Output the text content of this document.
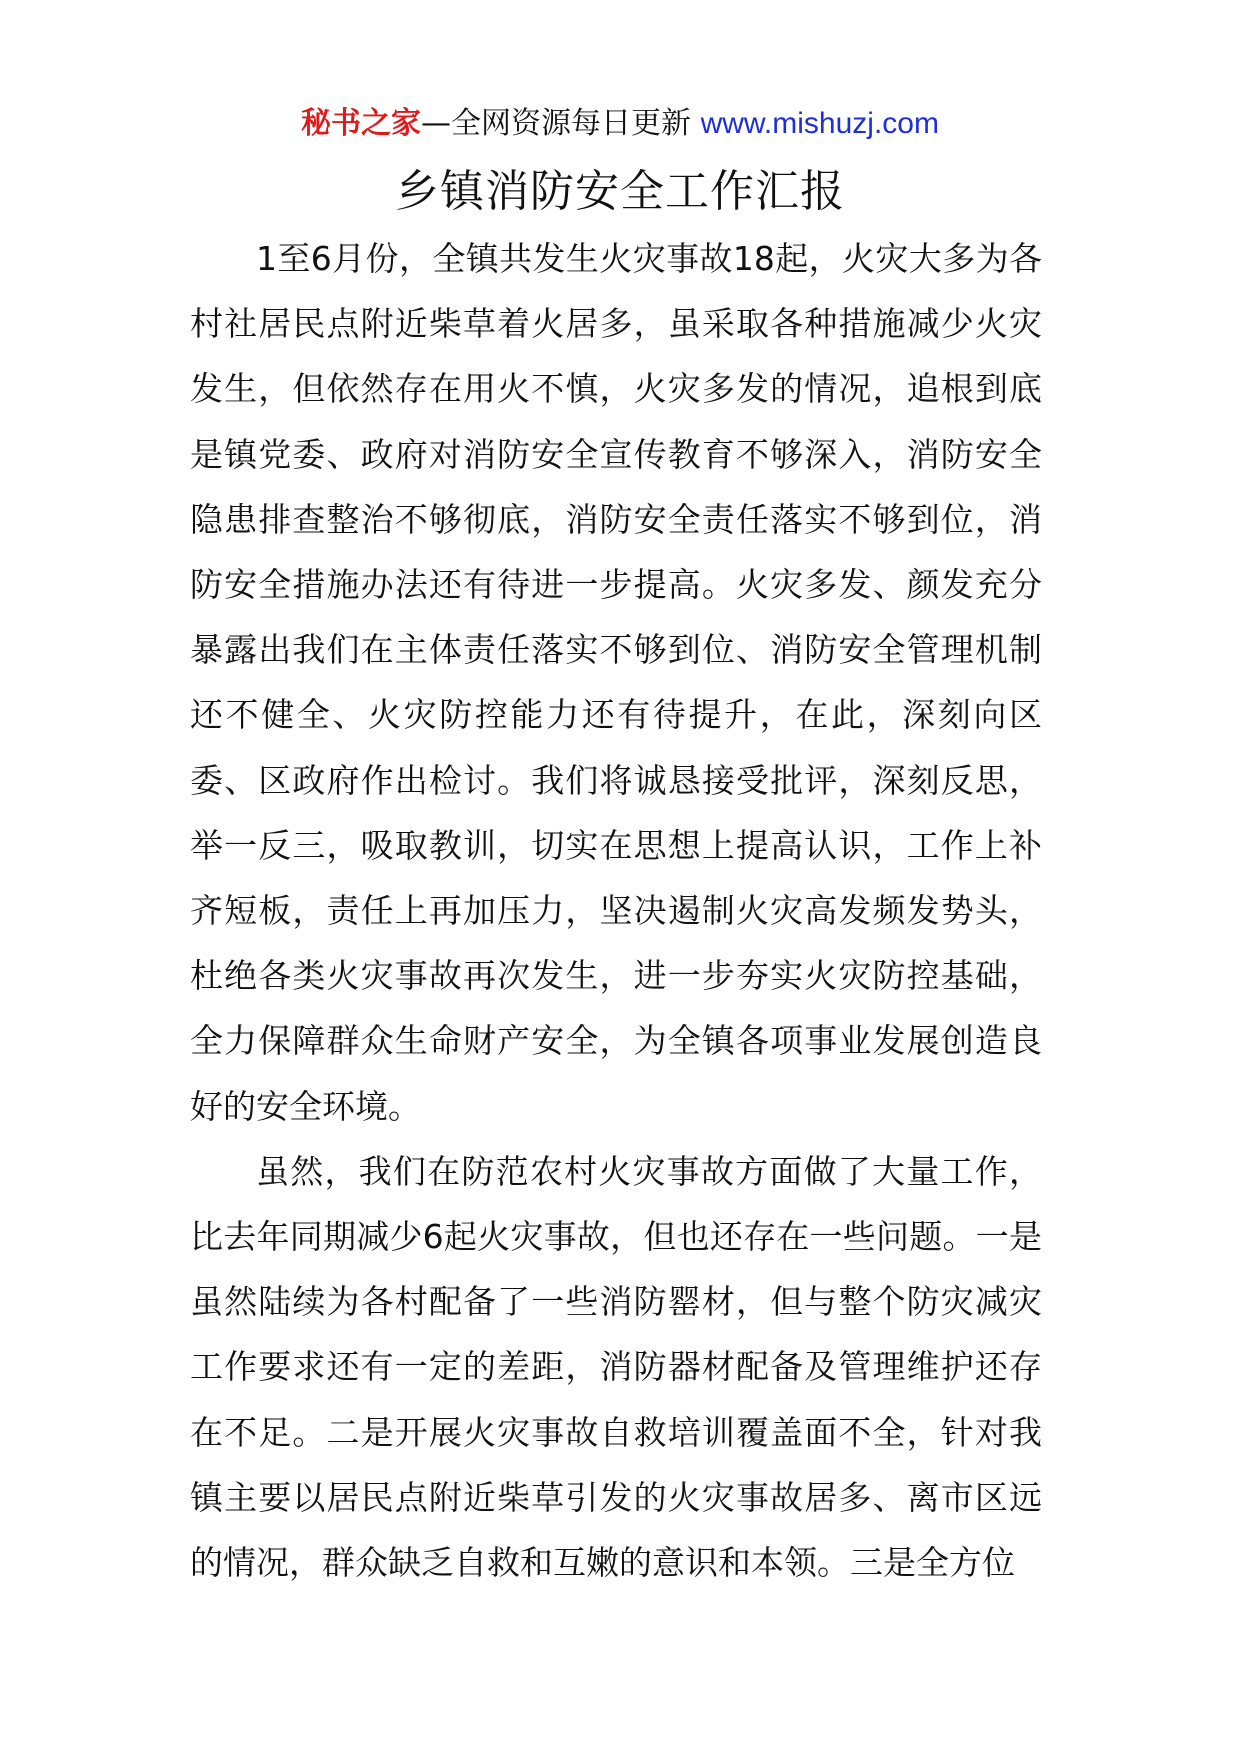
秘书之家—全网资源每日更新 www.mishuzj.com
乡镇消防安全工作汇报

1至6月份，全镇共发生火灾事故18起，火灾大多为各村社居民点附近柴草着火居多，虽采取各种措施减少火灾发生，但依然存在用火不慎，火灾多发的情况，追根到底是镇党委、政府对消防安全宣传教育不够深入，消防安全隐患排查整治不够彻底，消防安全责任落实不够到位，消防安全措施办法还有待进一步提高。火灾多发、颜发充分暴露出我们在主体责任落实不够到位、消防安全管理机制还不健全、火灾防控能力还有待提升，在此，深刻向区委、区政府作出检讨。我们将诚恳接受批评，深刻反思，举一反三，吸取教训，切实在思想上提高认识，工作上补齐短板，责任上再加压力，坚决遏制火灾高发频发势头，杜绝各类火灾事故再次发生，进一步夯实火灾防控基础，全力保障群众生命财产安全，为全镇各项事业发展创造良好的安全环境。

虽然，我们在防范农村火灾事故方面做了大量工作，比去年同期减少6起火灾事故，但也还存在一些问题。一是虽然陆续为各村配备了一些消防罂材，但与整个防灾减灾工作要求还有一定的差距，消防器材配备及管理维护还存在不足。二是开展火灾事故自救培训覆盖面不全，针对我镇主要以居民点附近柴草引发的火灾事故居多、离市区远的情况，群众缺乏自救和互嫩的意识和本领。三是全方位
